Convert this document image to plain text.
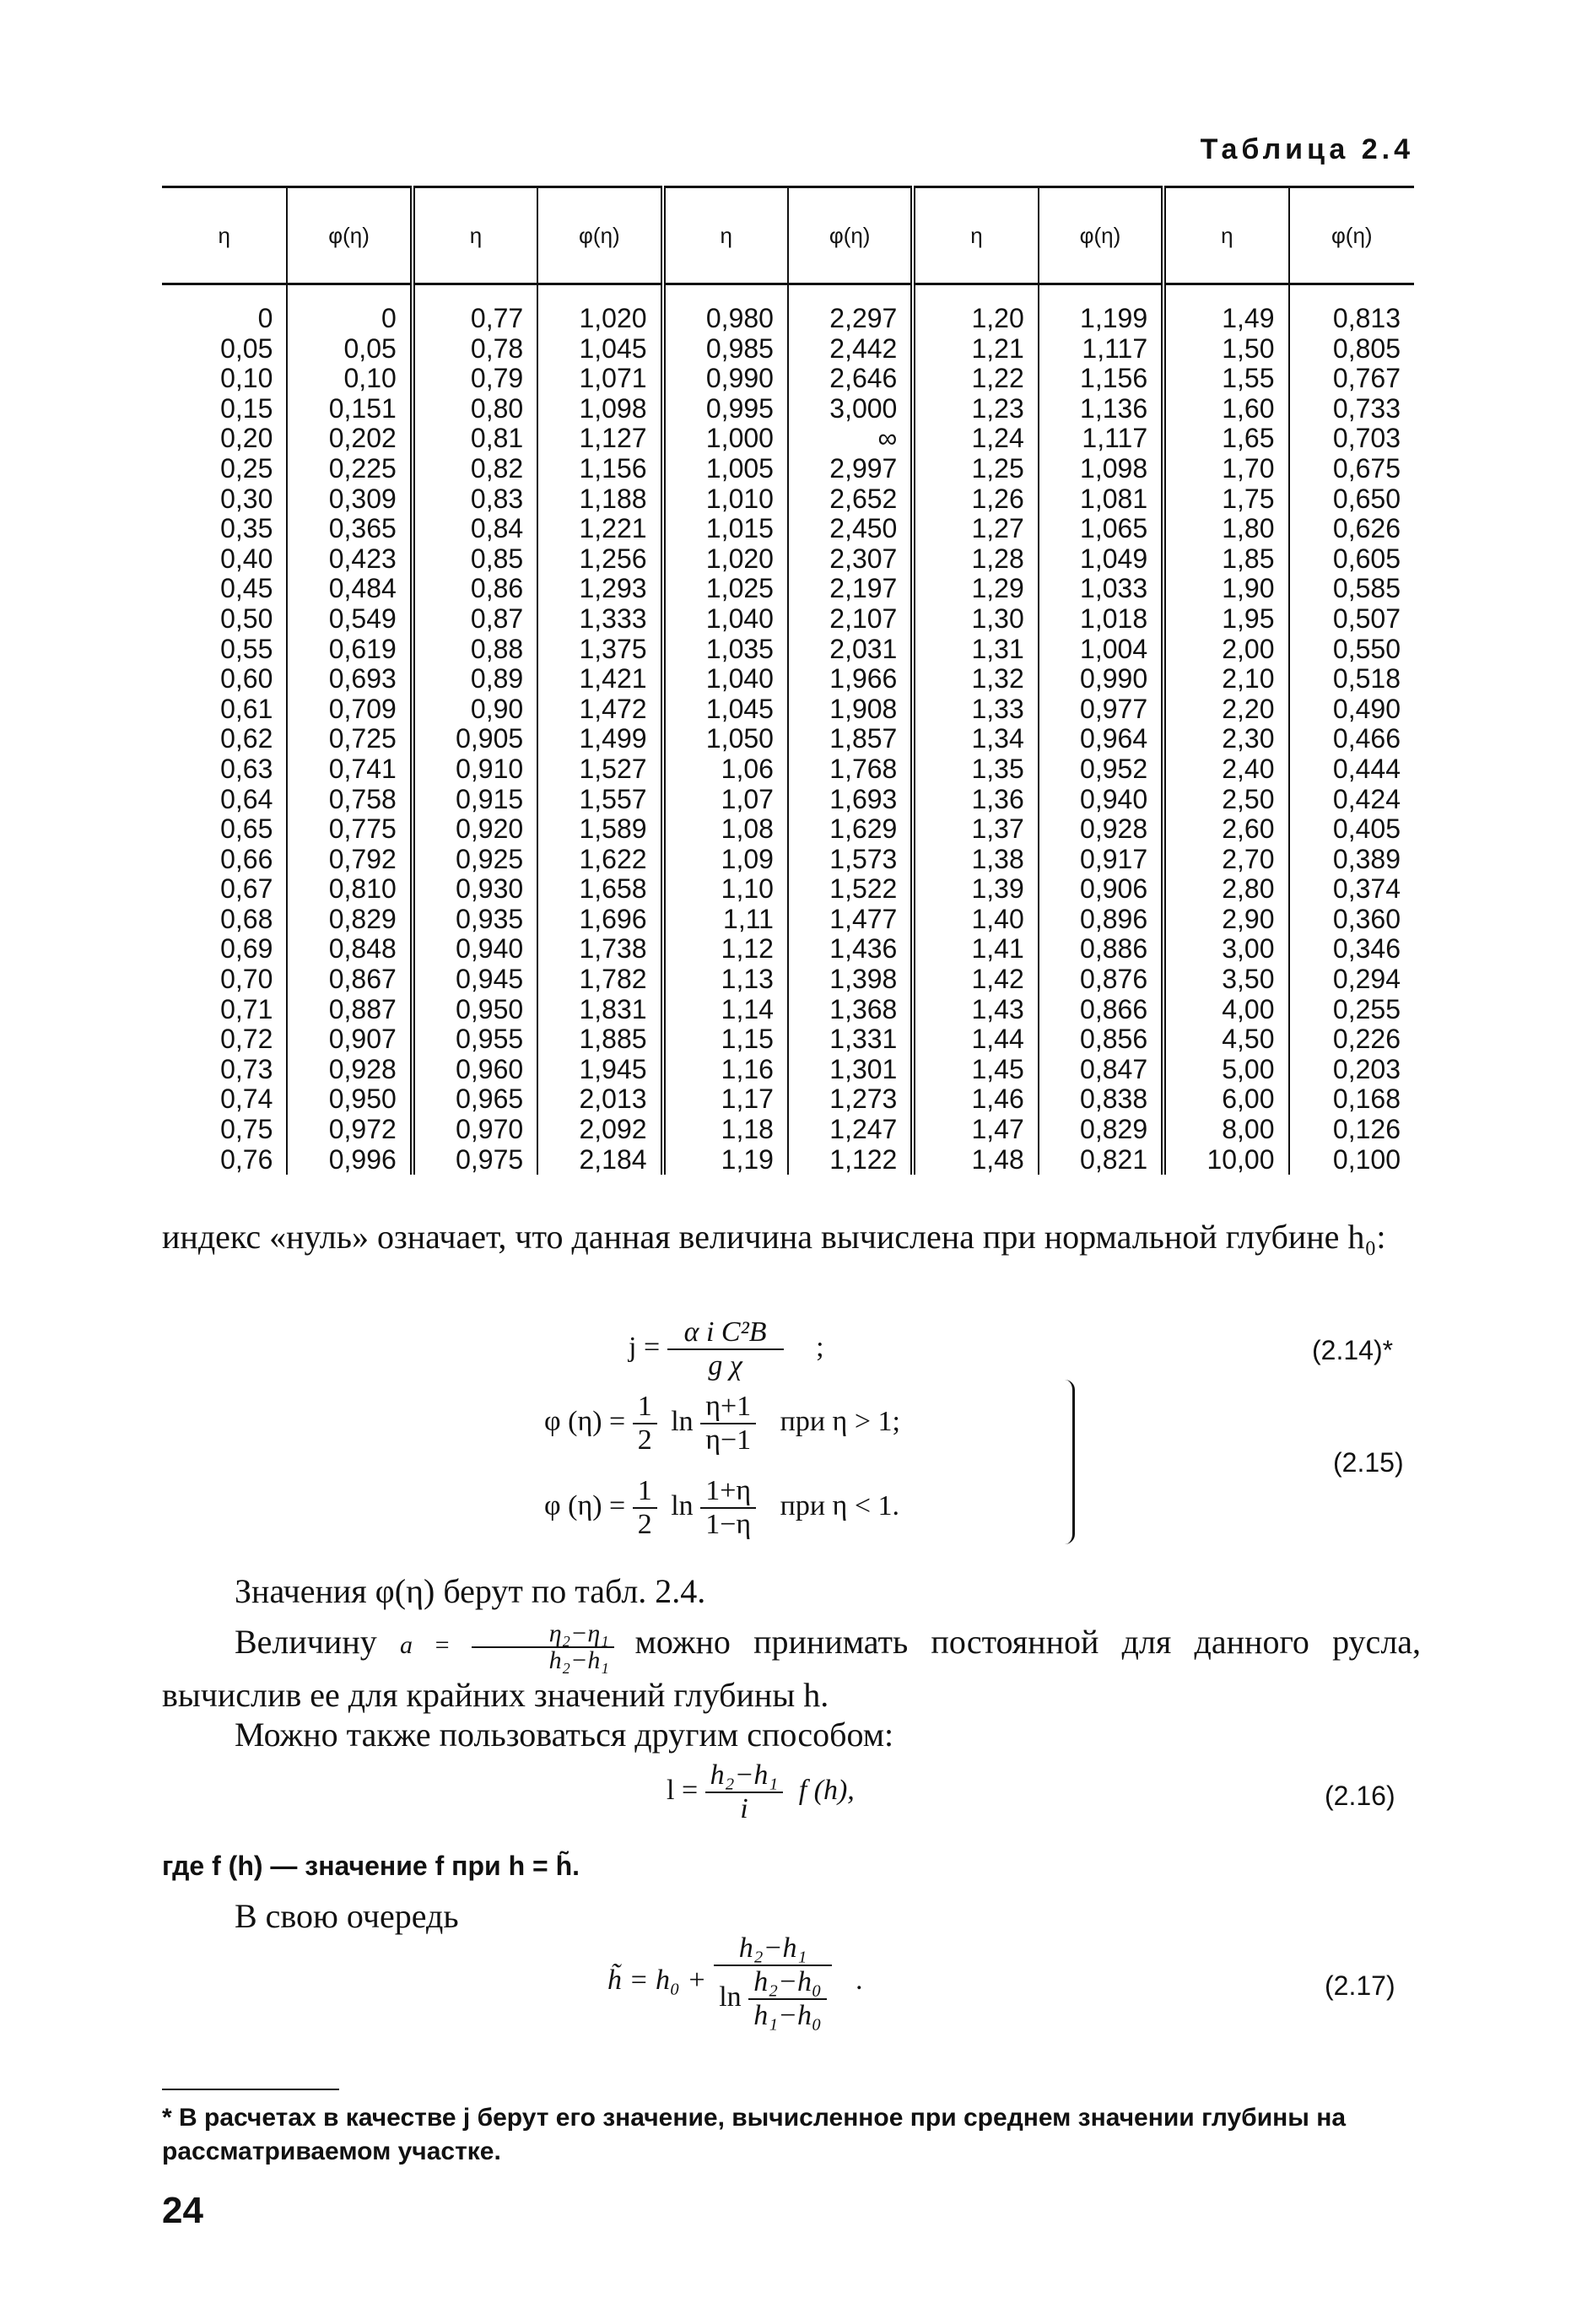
Таблица 2.4
η	φ(η)	η	φ(η)	η	φ(η)	η	φ(η)	η	φ(η)
0	0	0,77	1,020	0,980	2,297	1,20	1,199	1,49	0,813
0,05	0,05	0,78	1,045	0,985	2,442	1,21	1,117	1,50	0,805
0,10	0,10	0,79	1,071	0,990	2,646	1,22	1,156	1,55	0,767
0,15	0,151	0,80	1,098	0,995	3,000	1,23	1,136	1,60	0,733
0,20	0,202	0,81	1,127	1,000	∞	1,24	1,117	1,65	0,703
0,25	0,225	0,82	1,156	1,005	2,997	1,25	1,098	1,70	0,675
0,30	0,309	0,83	1,188	1,010	2,652	1,26	1,081	1,75	0,650
0,35	0,365	0,84	1,221	1,015	2,450	1,27	1,065	1,80	0,626
0,40	0,423	0,85	1,256	1,020	2,307	1,28	1,049	1,85	0,605
0,45	0,484	0,86	1,293	1,025	2,197	1,29	1,033	1,90	0,585
0,50	0,549	0,87	1,333	1,040	2,107	1,30	1,018	1,95	0,507
0,55	0,619	0,88	1,375	1,035	2,031	1,31	1,004	2,00	0,550
0,60	0,693	0,89	1,421	1,040	1,966	1,32	0,990	2,10	0,518
0,61	0,709	0,90	1,472	1,045	1,908	1,33	0,977	2,20	0,490
0,62	0,725	0,905	1,499	1,050	1,857	1,34	0,964	2,30	0,466
0,63	0,741	0,910	1,527	1,06	1,768	1,35	0,952	2,40	0,444
0,64	0,758	0,915	1,557	1,07	1,693	1,36	0,940	2,50	0,424
0,65	0,775	0,920	1,589	1,08	1,629	1,37	0,928	2,60	0,405
0,66	0,792	0,925	1,622	1,09	1,573	1,38	0,917	2,70	0,389
0,67	0,810	0,930	1,658	1,10	1,522	1,39	0,906	2,80	0,374
0,68	0,829	0,935	1,696	1,11	1,477	1,40	0,896	2,90	0,360
0,69	0,848	0,940	1,738	1,12	1,436	1,41	0,886	3,00	0,346
0,70	0,867	0,945	1,782	1,13	1,398	1,42	0,876	3,50	0,294
0,71	0,887	0,950	1,831	1,14	1,368	1,43	0,866	4,00	0,255
0,72	0,907	0,955	1,885	1,15	1,331	1,44	0,856	4,50	0,226
0,73	0,928	0,960	1,945	1,16	1,301	1,45	0,847	5,00	0,203
0,74	0,950	0,965	2,013	1,17	1,273	1,46	0,838	6,00	0,168
0,75	0,972	0,970	2,092	1,18	1,247	1,47	0,829	8,00	0,126
0,76	0,996	0,975	2,184	1,19	1,122	1,48	0,821	10,00	0,100
индекс «нуль» означает, что данная величина вычислена при нормальной глубине h₀:
$j = \frac{\text{α i C²B}}{\text{g χ}}$ ;	(2.14)*
φ $(\eta) = \frac{1}{2}$ $\ln \frac{\eta+1}{\eta-1}$ при η > 1;
φ $(\eta) = \frac{1}{2}$ $\ln \frac{1+\eta}{1-\eta}$ при η < 1.
(2.15)
Значения φ(η) берут по табл. 2.4.
Величину $a = \frac{\text{η₂−η₁}}{\text{h₂−h₁}}$ можно принимать постоянной для данного русла, вычислив ее для крайних значений глубины h.
Можно также пользоваться другим способом:
$l = \frac{\text{h₂−h₁}}{i}$ f (h),	(2.16)
где f (h) — значение f при h = h̃.
В свою очередь
h̃ = $h_0 + \frac{\text{h₂−h₁}}{\ln \frac{\text{h₂−h₀}}{\text{h₁−h₀}}}$ .	(2.17)
* В расчетах в качестве j берут его значение, вычисленное при среднем значении глубины на рассматриваемом участке.
24
